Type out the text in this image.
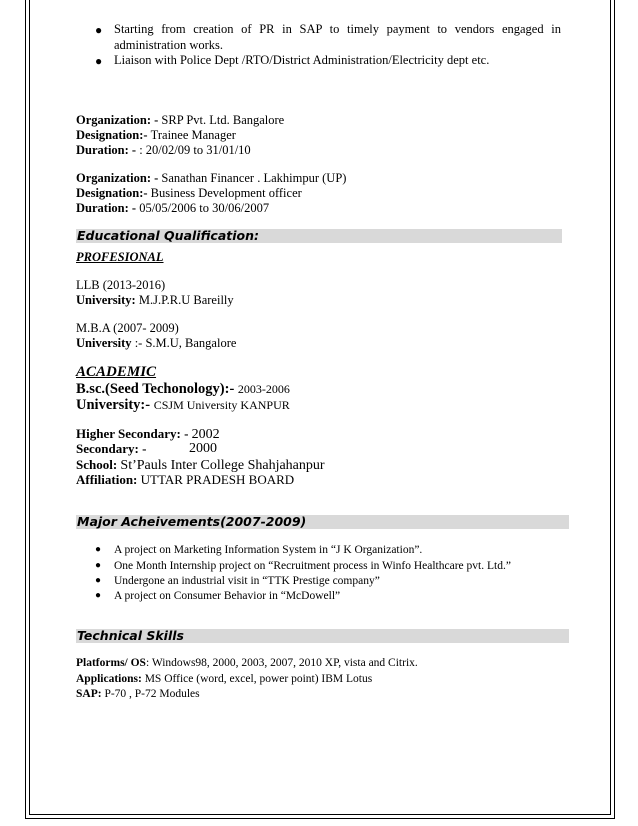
● Starting from creation of PR in SAP to timely payment to vendors engaged in
administration works.
● Liaison with Police Dept /RTO/District Administration/Electricity dept etc.
Organization: - SRP Pvt. Ltd. Bangalore
Designation:- Trainee Manager
Duration: - : 20/02/09 to 31/01/10
Organization: - Sanathan Financer . Lakhimpur (UP)
Designation:- Business Development officer
Duration: - 05/05/2006 to 30/06/2007
Educational Qualification:
PROFESIONAL
LLB (2013-2016)
University: M.J.P.R.U Bareilly
M.B.A (2007- 2009)
University :- S.M.U, Bangalore
ACADEMIC
B.sc.(Seed Techonology):- 2003-2006
University:- CSJM University KANPUR
Higher Secondary: - 2002
Secondary: -	2000
School: St’Pauls Inter College Shahjahanpur
Affiliation: UTTAR PRADESH BOARD
Major Acheivements(2007-2009)
● A project on Marketing Information System in “J K Organization”.
● One Month Internship project on “Recruitment process in Winfo Healthcare pvt. Ltd.”
● Undergone an industrial visit in “TTK Prestige company”
● A project on Consumer Behavior in “McDowell”
Technical Skills
Platforms/ OS: Windows98, 2000, 2003, 2007, 2010 XP, vista and Citrix.
Applications: MS Office (word, excel, power point) IBM Lotus
SAP: P-70 , P-72 Modules
